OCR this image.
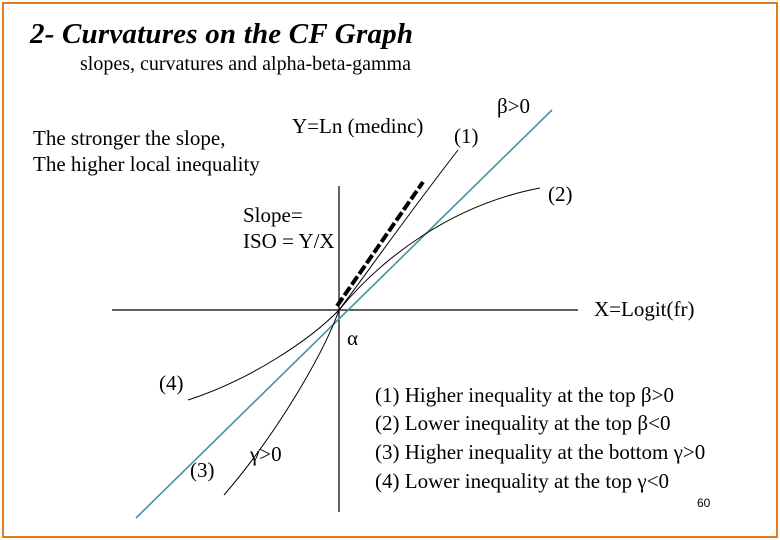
2- Curvatures on the CF Graph
slopes, curvatures and alpha-beta-gamma
The stronger the slope,
The higher local inequality
Y=Ln (medinc) (1)
β>0
(2)
Slope=
ISO = Y/X
X=Logit(fr)
α
(4)
(3)
γ>0
(1) Higher inequality at the top β>0
(2) Lower inequality at the top β<0
(3) Higher inequality at the bottom γ>0
(4) Lower inequality at the top γ<0
60
